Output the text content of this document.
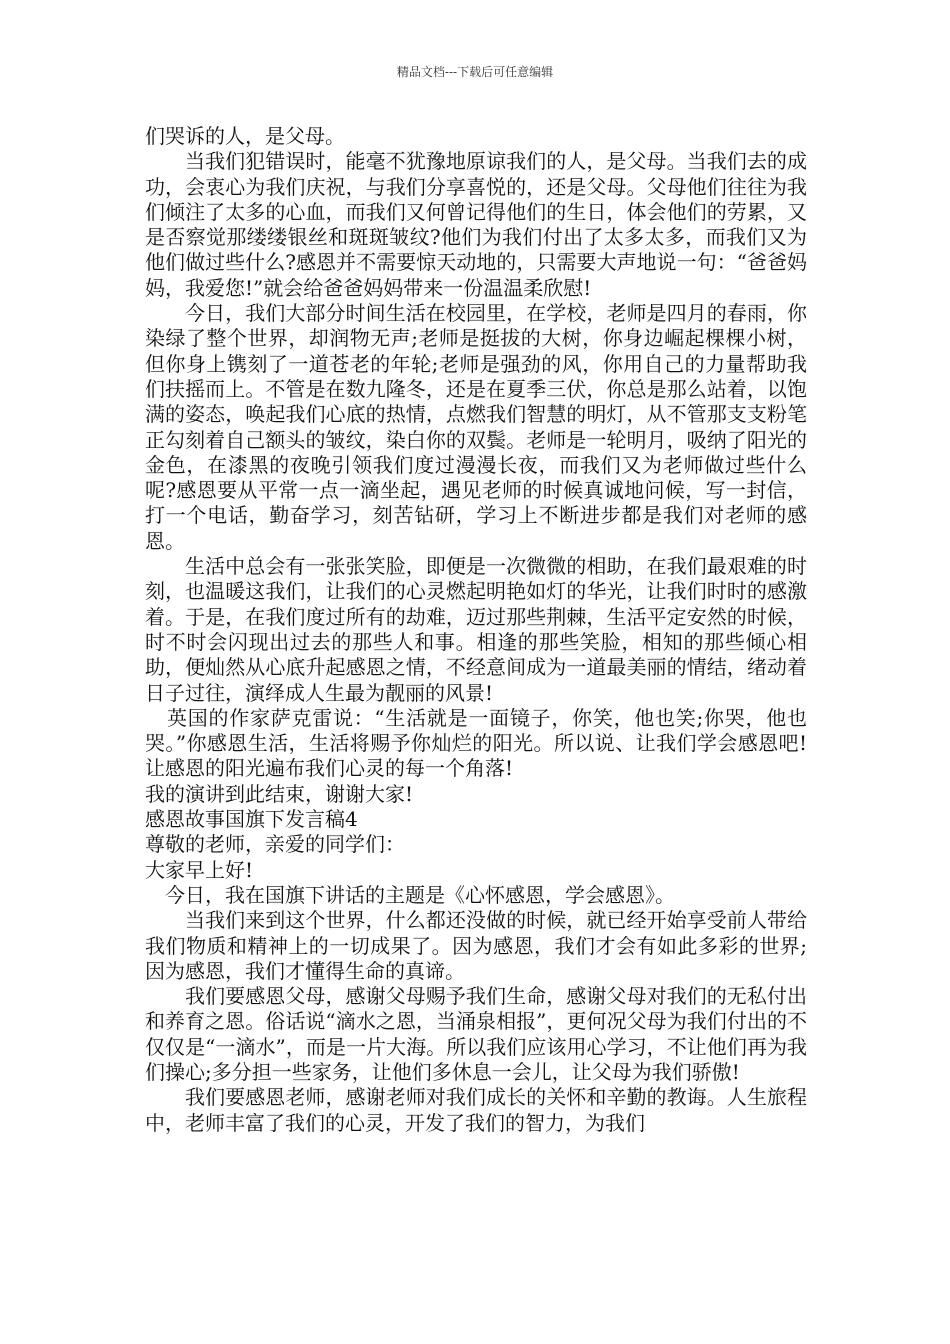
精品文档---下载后可任意编辑

们哭诉的人，是父母。

当我们犯错误时，能毫不犹豫地原谅我们的人，是父母。当我们去的成功，会衷心为我们庆祝，与我们分享喜悦的，还是父母。父母他们往往为我们倾注了太多的心血，而我们又何曾记得他们的生日，体会他们的劳累，又是否察觉那缕缕银丝和斑斑皱纹?他们为我们付出了太多太多，而我们又为他们做过些什么?感恩并不需要惊天动地的，只需要大声地说一句：“爸爸妈妈，我爱您!”就会给爸爸妈妈带来一份温温柔欣慰!

今日，我们大部分时间生活在校园里，在学校，老师是四月的春雨，你染绿了整个世界，却润物无声;老师是挺拔的大树，你身边崛起棵棵小树，但你身上镌刻了一道苍老的年轮;老师是强劲的风，你用自己的力量帮助我们扶摇而上。不管是在数九隆冬，还是在夏季三伏，你总是那么站着，以饱满的姿态，唤起我们心底的热情，点燃我们智慧的明灯，从不管那支支粉笔正勾刻着自己额头的皱纹，染白你的双鬓。老师是一轮明月，吸纳了阳光的金色，在漆黑的夜晚引领我们度过漫漫长夜，而我们又为老师做过些什么呢?感恩要从平常一点一滴坐起，遇见老师的时候真诚地问候，写一封信，打一个电话，勤奋学习，刻苦钻研，学习上不断进步都是我们对老师的感恩。

生活中总会有一张张笑脸，即便是一次微微的相助，在我们最艰难的时刻，也温暖这我们，让我们的心灵燃起明艳如灯的华光，让我们时时的感激着。于是，在我们度过所有的劫难，迈过那些荆棘，生活平定安然的时候，时不时会闪现出过去的那些人和事。相逢的那些笑脸，相知的那些倾心相助，便灿然从心底升起感恩之情，不经意间成为一道最美丽的情结，绪动着日子过往，演绎成人生最为靓丽的风景!

英国的作家萨克雷说：“生活就是一面镜子，你笑，他也笑;你哭，他也哭。”你感恩生活，生活将赐予你灿烂的阳光。所以说、让我们学会感恩吧!让感恩的阳光遍布我们心灵的每一个角落!

我的演讲到此结束，谢谢大家!

感恩故事国旗下发言稿4

尊敬的老师，亲爱的同学们：

大家早上好!

今日，我在国旗下讲话的主题是《心怀感恩，学会感恩》。

当我们来到这个世界，什么都还没做的时候，就已经开始享受前人带给我们物质和精神上的一切成果了。因为感恩，我们才会有如此多彩的世界;因为感恩，我们才懂得生命的真谛。

我们要感恩父母，感谢父母赐予我们生命，感谢父母对我们的无私付出和养育之恩。俗话说“滴水之恩，当涌泉相报”，更何况父母为我们付出的不仅仅是“一滴水”，而是一片大海。所以我们应该用心学习，不让他们再为我们操心;多分担一些家务，让他们多休息一会儿，让父母为我们骄傲!

我们要感恩老师，感谢老师对我们成长的关怀和辛勤的教诲。人生旅程中，老师丰富了我们的心灵，开发了我们的智力，为我们
